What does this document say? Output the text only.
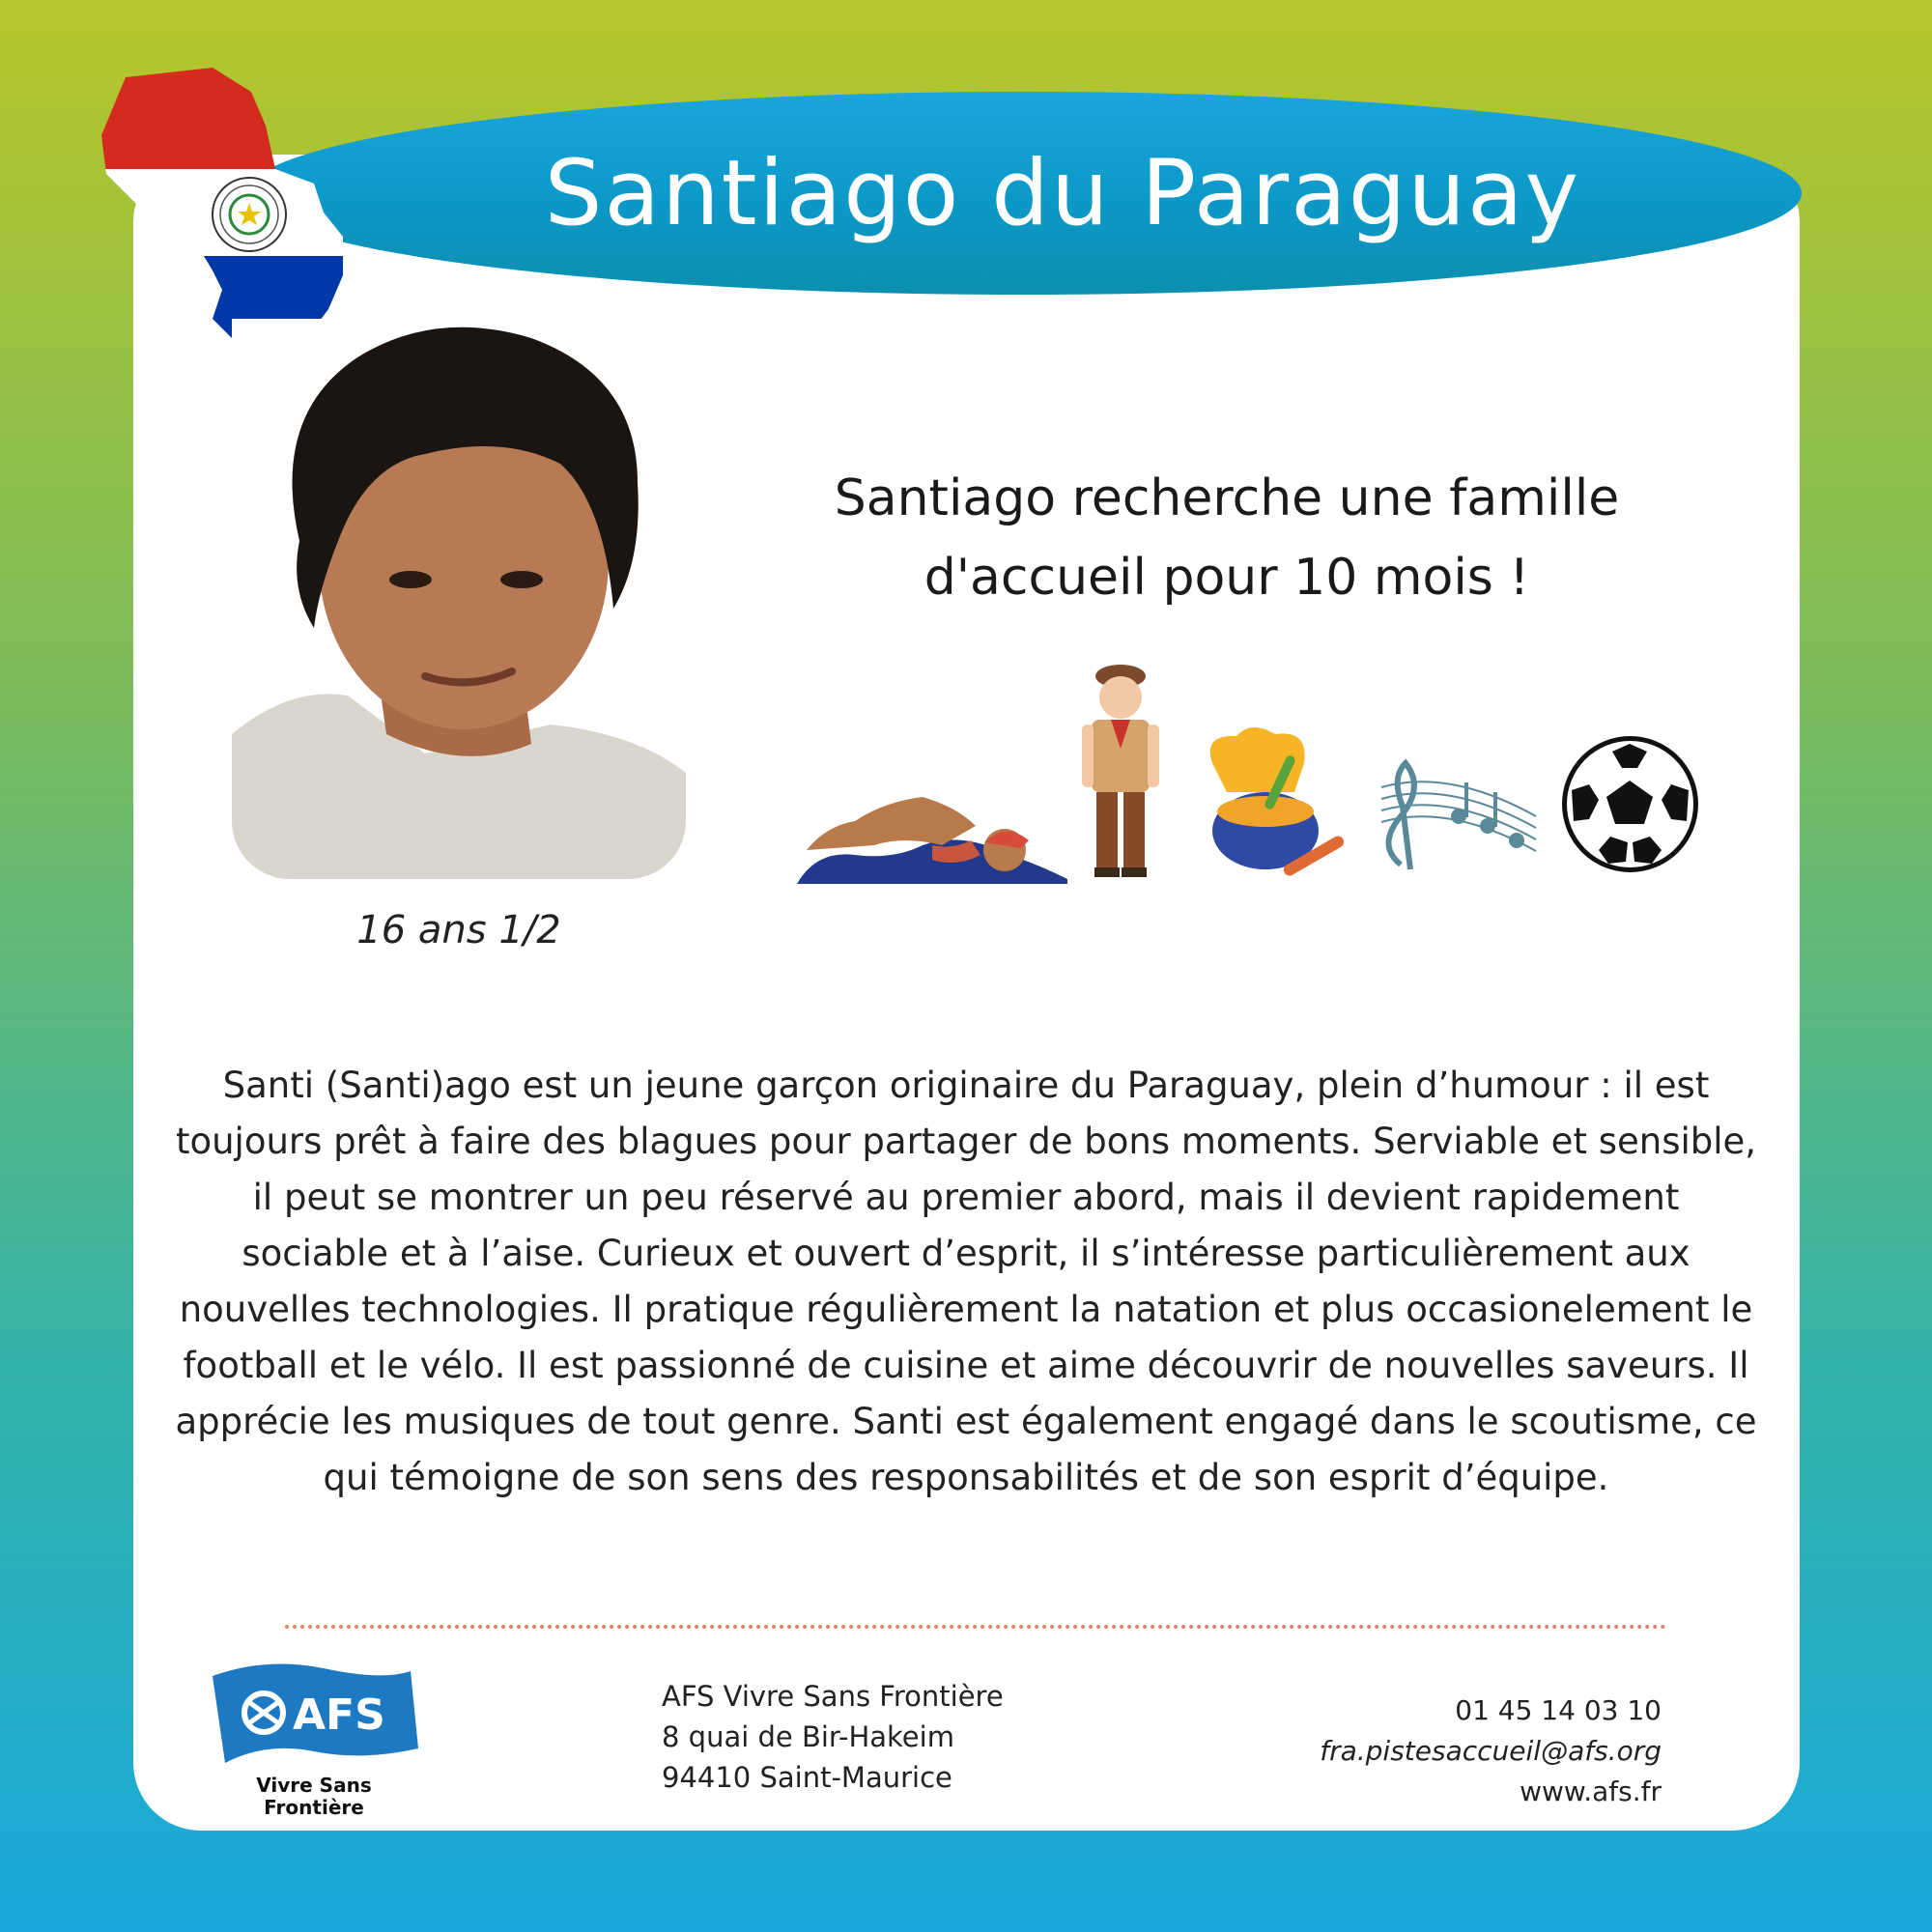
Santiago du Paraguay
16 ans 1/2
Santiago recherche une famille
d'accueil pour 10 mois !
Santi (Santi)ago est un jeune garçon originaire du Paraguay, plein d’humour : il est toujours prêt à faire des blagues pour partager de bons moments. Serviable et sensible, il peut se montrer un peu réservé au premier abord, mais il devient rapidement sociable et à l’aise. Curieux et ouvert d’esprit, il s’intéresse particulièrement aux nouvelles technologies. Il pratique régulièrement la natation et plus occasionelement le football et le vélo. Il est passionné de cuisine et aime découvrir de nouvelles saveurs. Il apprécie les musiques de tout genre. Santi est également engagé dans le scoutisme, ce qui témoigne de son sens des responsabilités et de son esprit d’équipe.
AFS
Vivre Sans
Frontière
AFS Vivre Sans Frontière
8 quai de Bir-Hakeim
94410 Saint-Maurice
01 45 14 03 10
fra.pistesaccueil@afs.org
www.afs.fr
